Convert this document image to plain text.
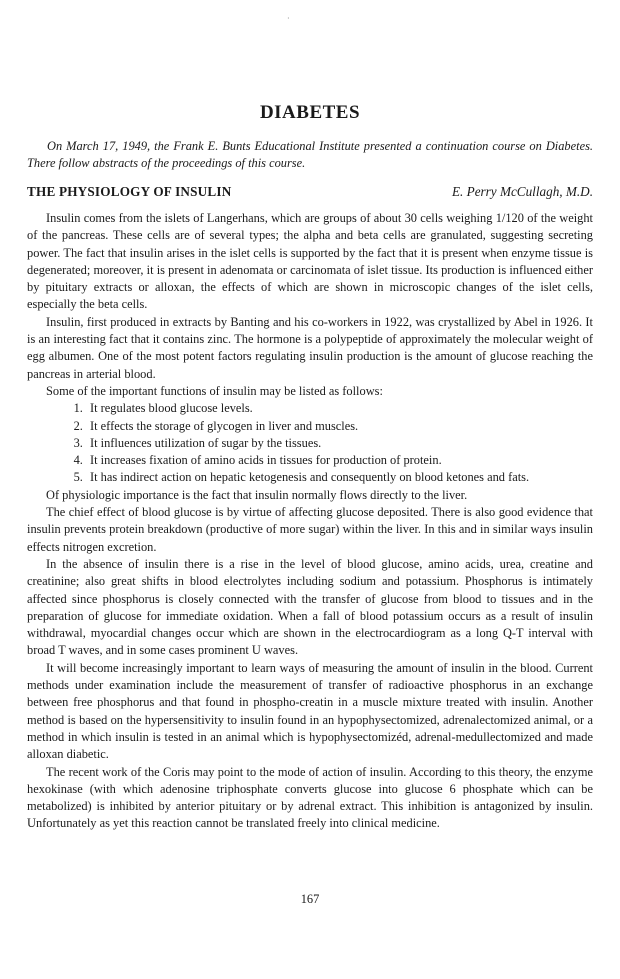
·
DIABETES
On March 17, 1949, the Frank E. Bunts Educational Institute presented a continuation course on Diabetes. There follow abstracts of the proceedings of this course.
THE PHYSIOLOGY OF INSULIN	E. Perry McCullagh, M.D.

Insulin comes from the islets of Langerhans, which are groups of about 30 cells weighing 1/120 of the weight of the pancreas. These cells are of several types; the alpha and beta cells are granulated, suggesting secreting power. The fact that insulin arises in the islet cells is supported by the fact that it is present when enzyme tissue is degenerated; moreover, it is present in adenomata or carcinomata of islet tissue. Its production is influenced either by pituitary extracts or alloxan, the effects of which are shown in microscopic changes of the islet cells, especially the beta cells.

Insulin, first produced in extracts by Banting and his co-workers in 1922, was crystallized by Abel in 1926. It is an interesting fact that it contains zinc. The hormone is a polypeptide of approximately the molecular weight of egg albumen. One of the most potent factors regulating insulin production is the amount of glucose reaching the pancreas in arterial blood.

Some of the important functions of insulin may be listed as follows:

1. It regulates blood glucose levels.
2. It effects the storage of glycogen in liver and muscles.
3. It influences utilization of sugar by the tissues.
4. It increases fixation of amino acids in tissues for production of protein.
5. It has indirect action on hepatic ketogenesis and consequently on blood ketones and fats.

Of physiologic importance is the fact that insulin normally flows directly to the liver.

The chief effect of blood glucose is by virtue of affecting glucose deposited. There is also good evidence that insulin prevents protein breakdown (productive of more sugar) within the liver. In this and in similar ways insulin effects nitrogen excretion.

In the absence of insulin there is a rise in the level of blood glucose, amino acids, urea, creatine and creatinine; also great shifts in blood electrolytes including sodium and potassium. Phosphorus is intimately affected since phosphorus is closely connected with the transfer of glucose from blood to tissues and in the preparation of glucose for immediate oxidation. When a fall of blood potassium occurs as a result of insulin withdrawal, myocardial changes occur which are shown in the electrocardiogram as a long Q-T interval with broad T waves, and in some cases prominent U waves.

It will become increasingly important to learn ways of measuring the amount of insulin in the blood. Current methods under examination include the measurement of transfer of radioactive phosphorus in an exchange between free phosphorus and that found in phospho-creatin in a muscle mixture treated with insulin. Another method is based on the hypersensitivity to insulin found in an hypophysectomized, adrenalectomized animal, or a method in which insulin is tested in an animal which is hypophysectomizéd, adrenal-medullectomized and made alloxan diabetic.

The recent work of the Coris may point to the mode of action of insulin. According to this theory, the enzyme hexokinase (with which adenosine triphosphate converts glucose into glucose 6 phosphate which can be metabolized) is inhibited by anterior pituitary or by adrenal extract. This inhibition is antagonized by insulin. Unfortunately as yet this reaction cannot be translated freely into clinical medicine.

167
